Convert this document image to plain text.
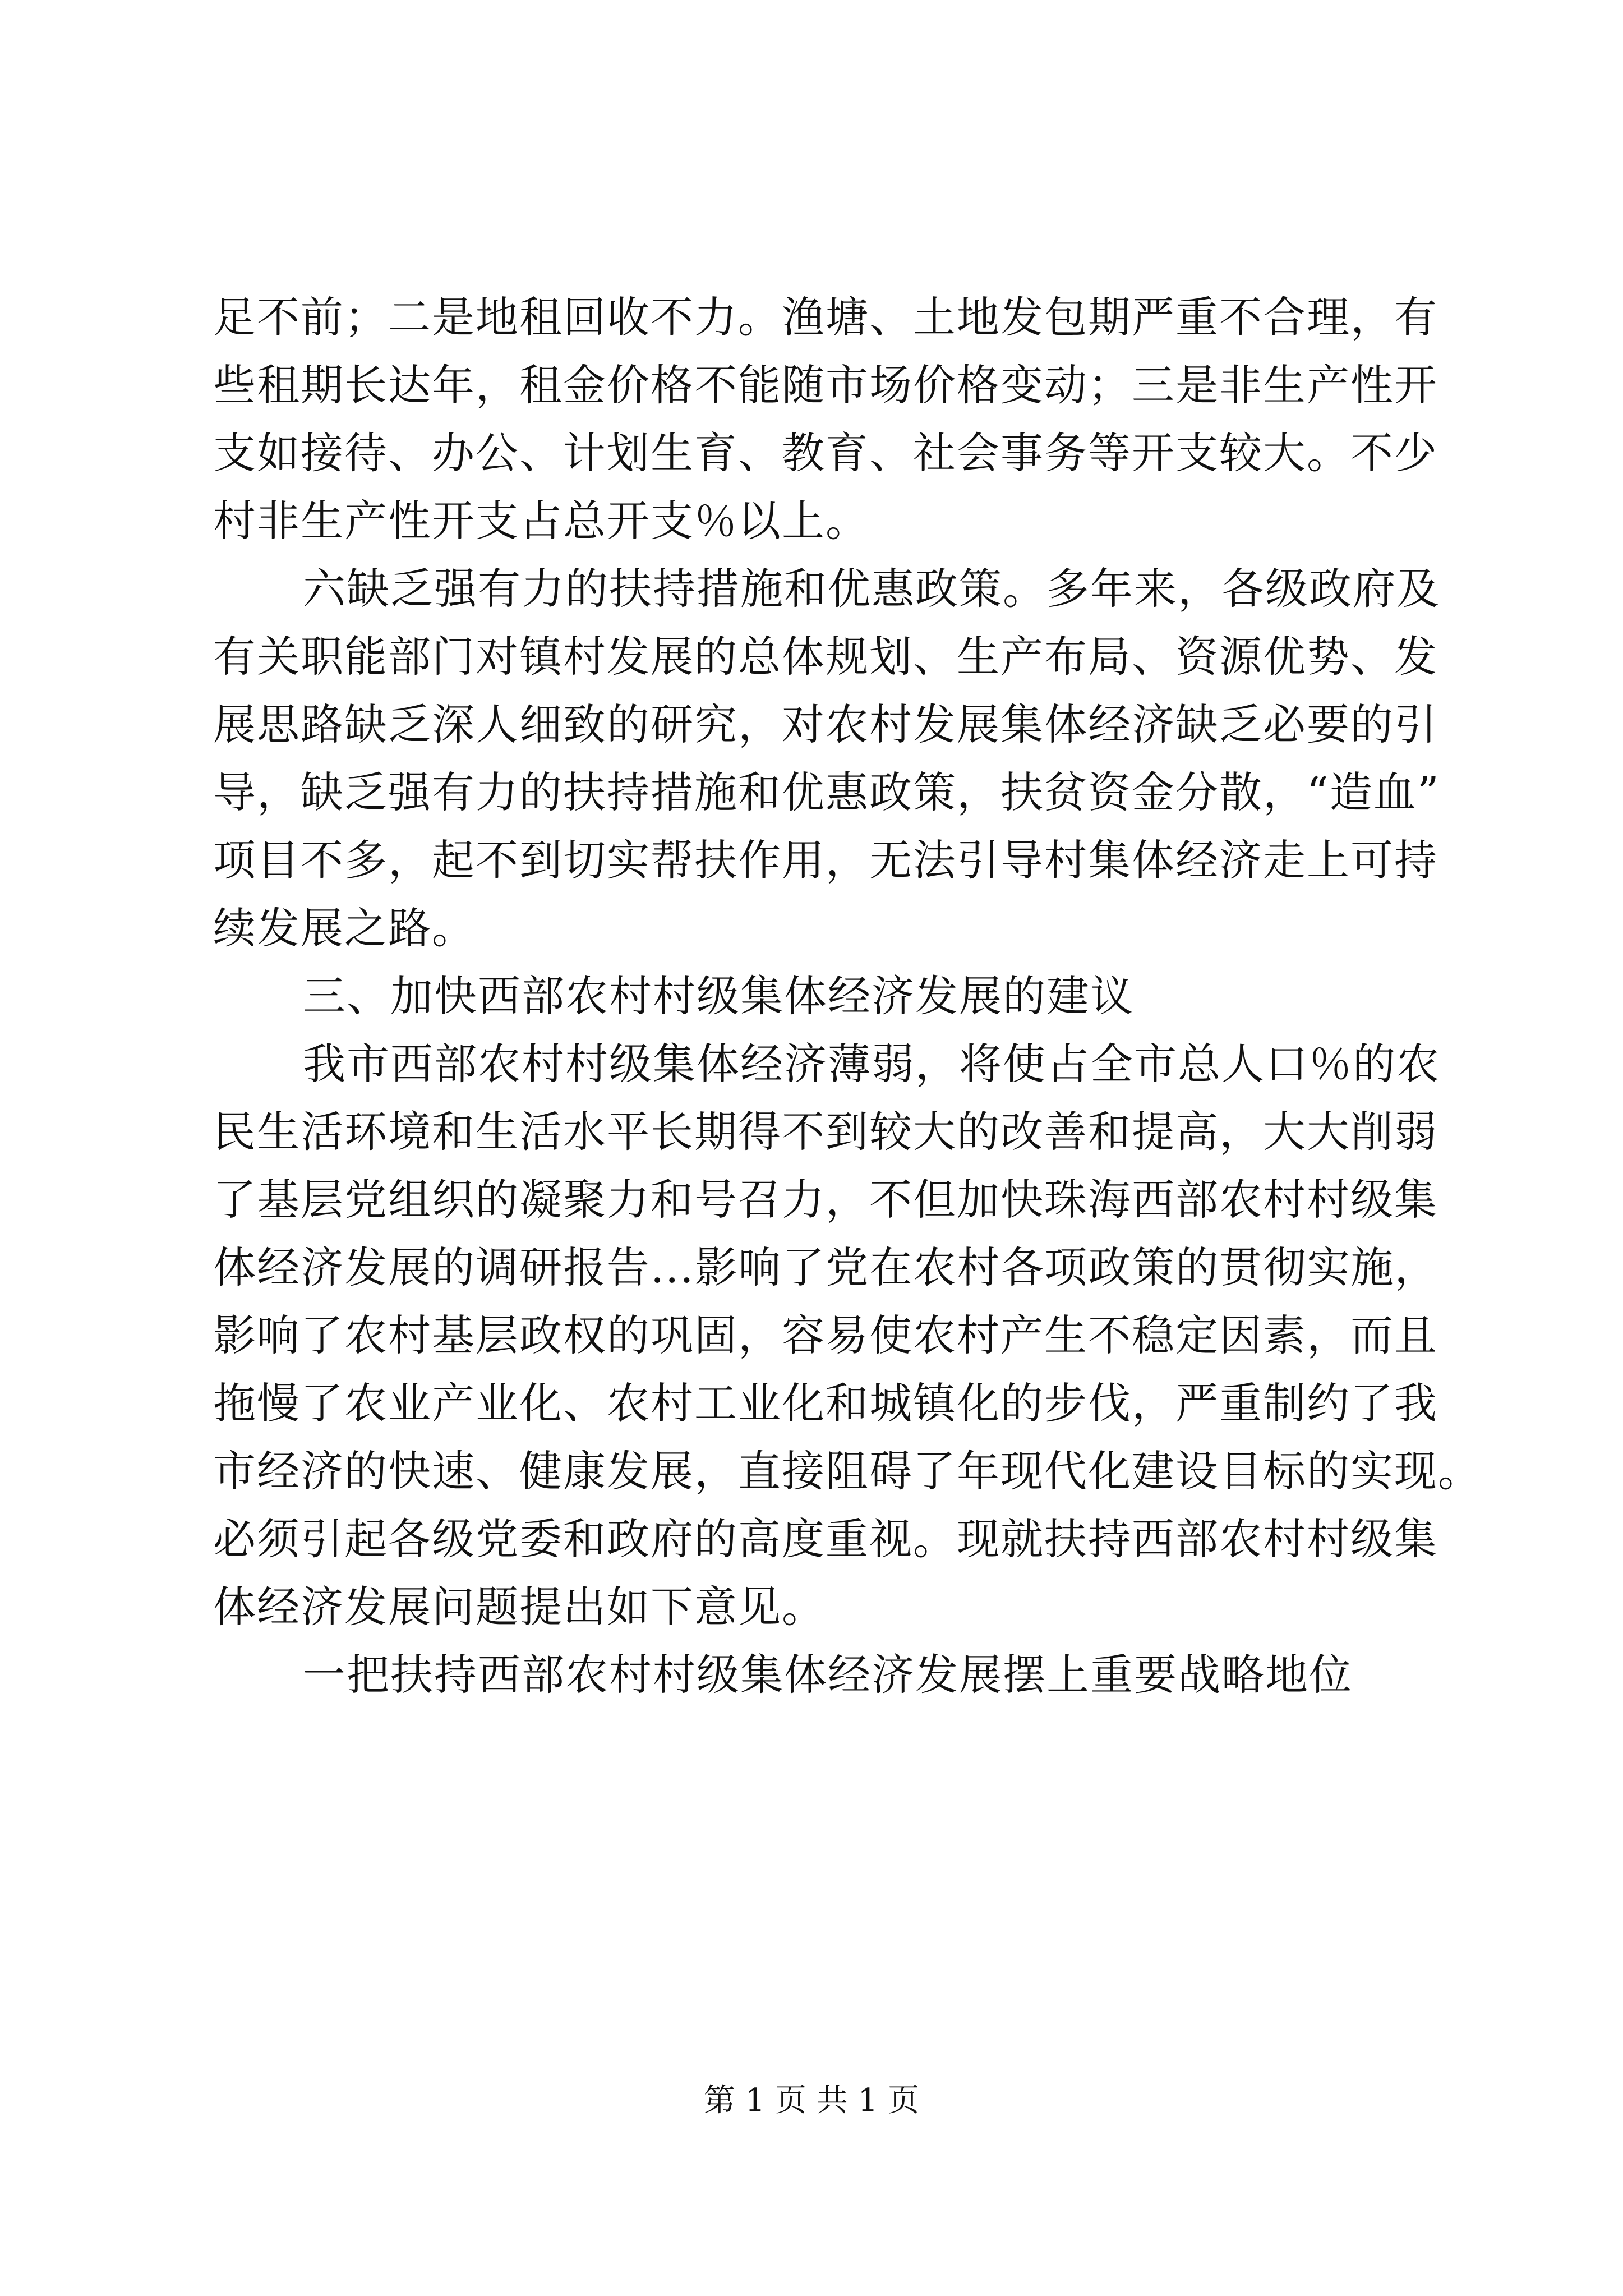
足不前；二是地租回收不力。渔塘、土地发包期严重不合理，有
些租期长达年，租金价格不能随市场价格变动；三是非生产性开
支如接待、办公、计划生育、教育、社会事务等开支较大。不少
村非生产性开支占总开支％以上。
六缺乏强有力的扶持措施和优惠政策。多年来，各级政府及
有关职能部门对镇村发展的总体规划、生产布局、资源优势、发
展思路缺乏深人细致的研究，对农村发展集体经济缺乏必要的引
导，缺乏强有力的扶持措施和优惠政策，扶贫资金分散，“造血”
项目不多，起不到切实帮扶作用，无法引导村集体经济走上可持
续发展之路。
三、加快西部农村村级集体经济发展的建议
我市西部农村村级集体经济薄弱，将使占全市总人口％的农
民生活环境和生活水平长期得不到较大的改善和提高，大大削弱
了基层党组织的凝聚力和号召力，不但加快珠海西部农村村级集
体经济发展的调研报告...影响了党在农村各项政策的贯彻实施，
影响了农村基层政权的巩固，容易使农村产生不稳定因素，而且
拖慢了农业产业化、农村工业化和城镇化的步伐，严重制约了我
市经济的快速、健康发展，直接阻碍了年现代化建设目标的实现。
必须引起各级党委和政府的高度重视。现就扶持西部农村村级集
体经济发展问题提出如下意见。
一把扶持西部农村村级集体经济发展摆上重要战略地位
第 1 页 共 1 页
